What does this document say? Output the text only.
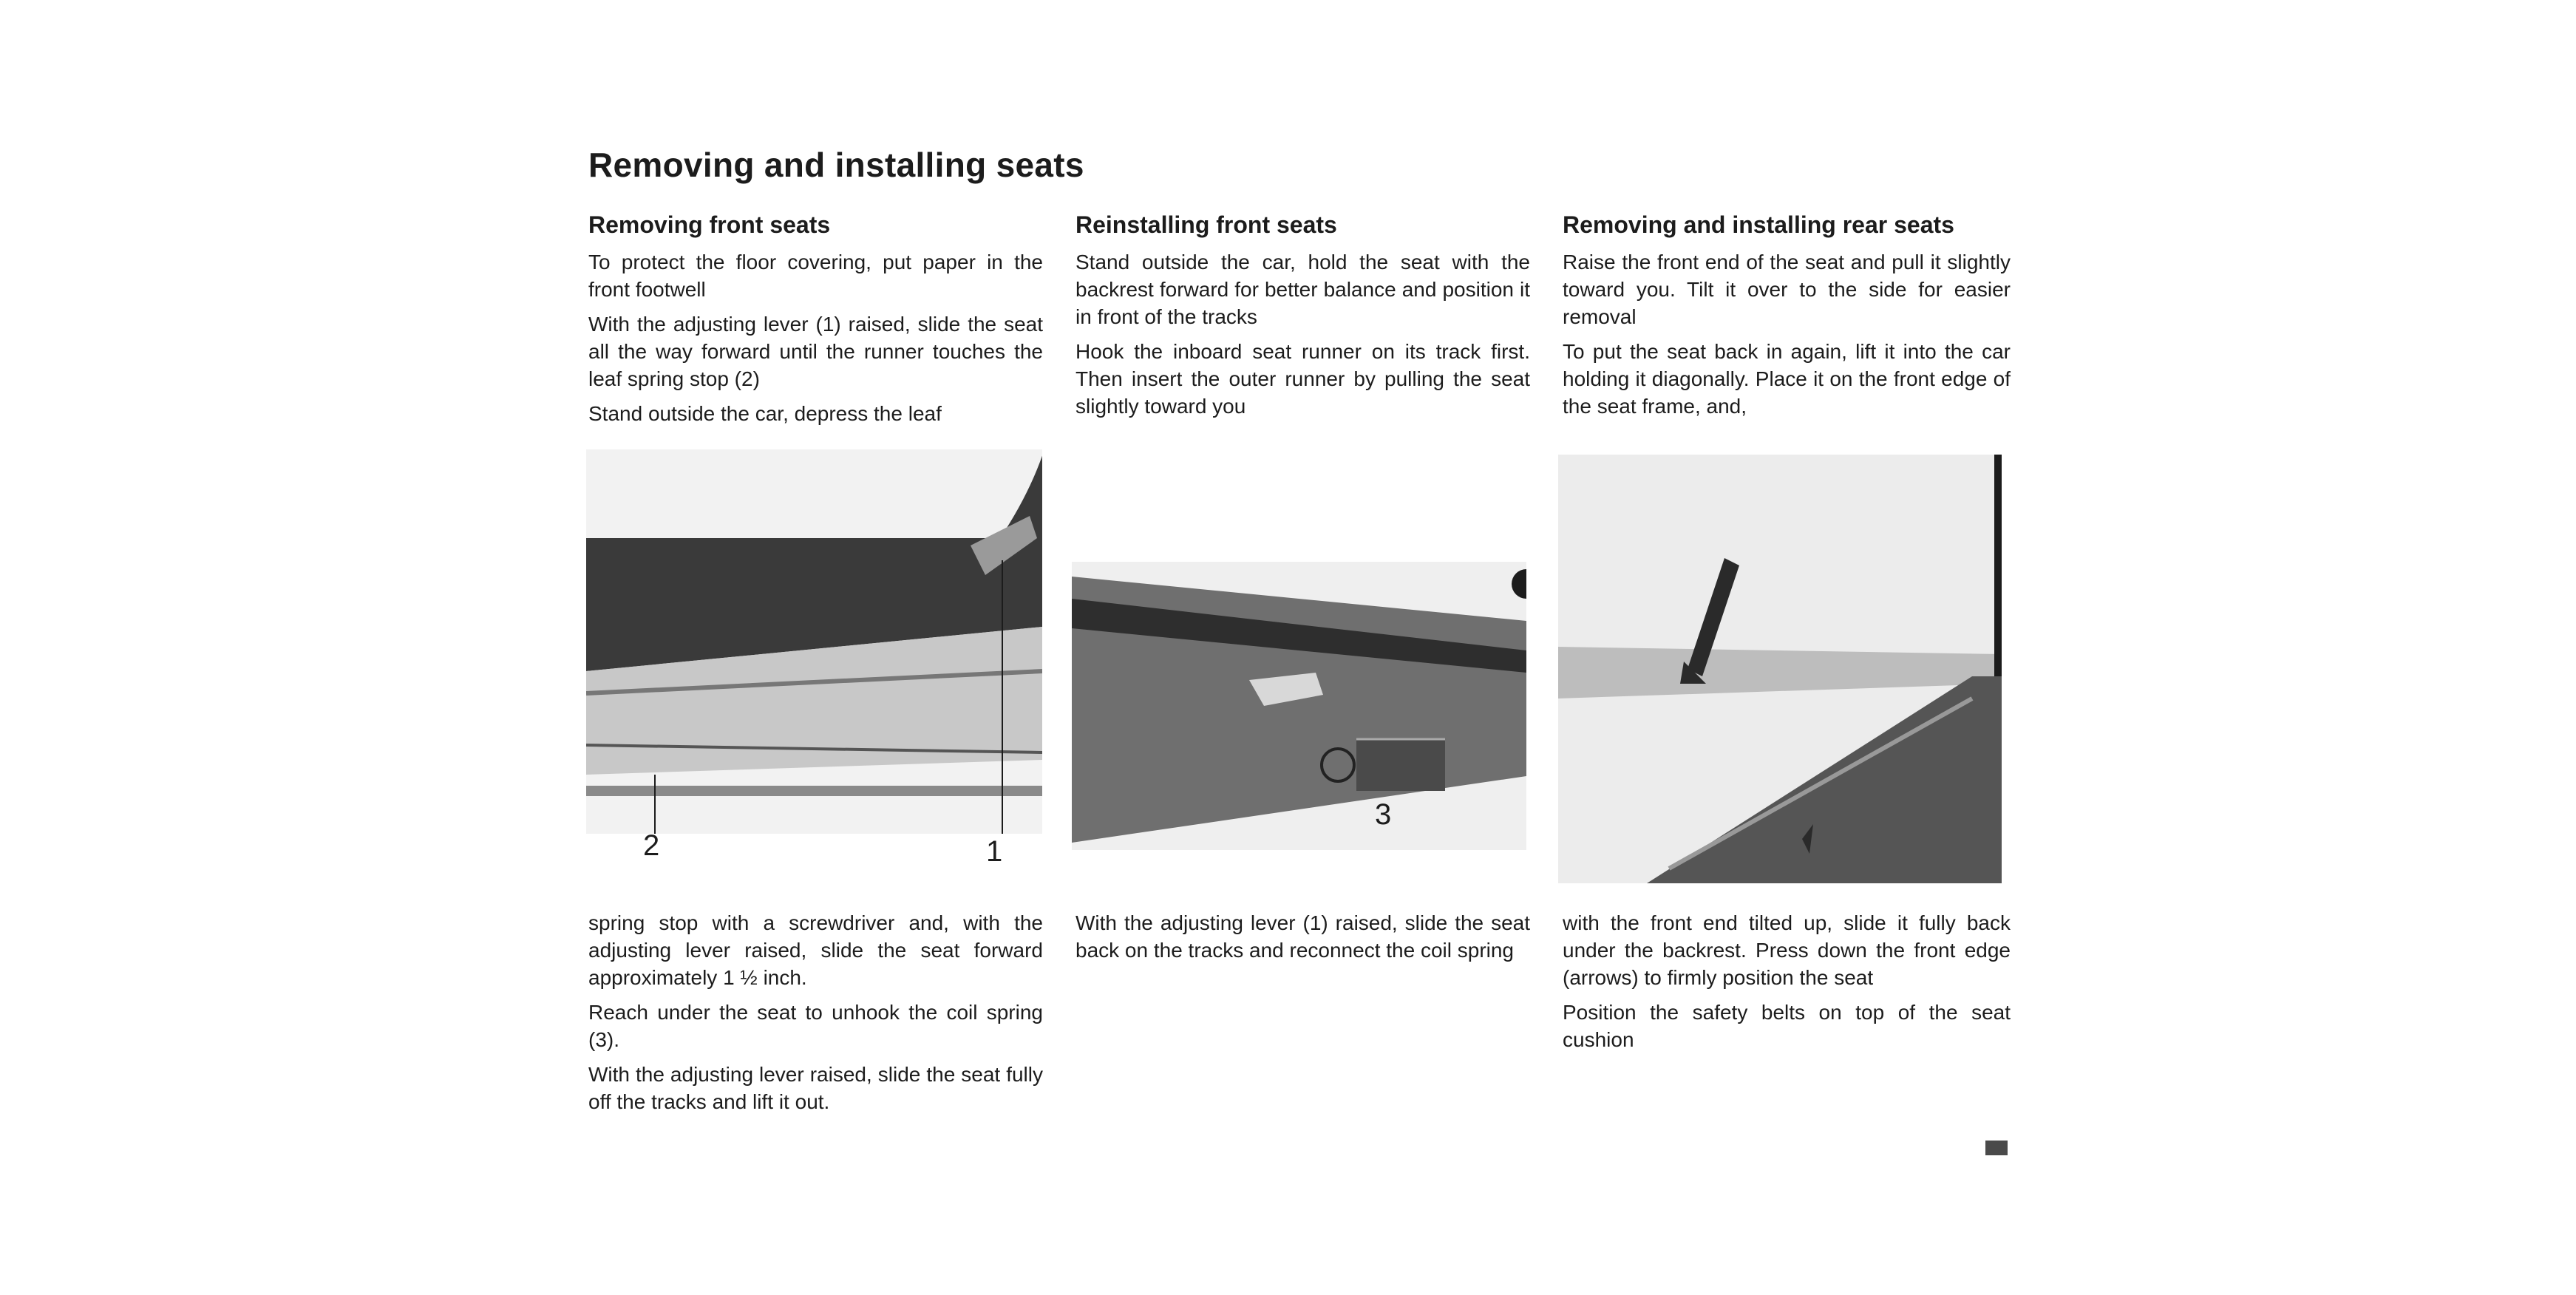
Removing and installing seats
Removing front seats

To protect the floor covering, put paper in the front footwell

With the adjusting lever (1) raised, slide the seat all the way forward until the runner touches the leaf spring stop (2)

Stand outside the car, depress the leaf

2	1

spring stop with a screwdriver and, with the adjusting lever raised, slide the seat forward approximately 1 ½ inch.

Reach under the seat to unhook the coil spring (3).

With the adjusting lever raised, slide the seat fully off the tracks and lift it out.

Reinstalling front seats

Stand outside the car, hold the seat with the backrest forward for better balance and position it in front of the tracks

Hook the inboard seat runner on its track first. Then insert the outer runner by pulling the seat slightly toward you

3

With the adjusting lever (1) raised, slide the seat back on the tracks and reconnect the coil spring

Removing and installing rear seats

Raise the front end of the seat and pull it slightly toward you. Tilt it over to the side for easier removal

To put the seat back in again, lift it into the car holding it diagonally. Place it on the front edge of the seat frame, and,

with the front end tilted up, slide it fully back under the backrest. Press down the front edge (arrows) to firmly position the seat

Position the safety belts on top of the seat cushion
